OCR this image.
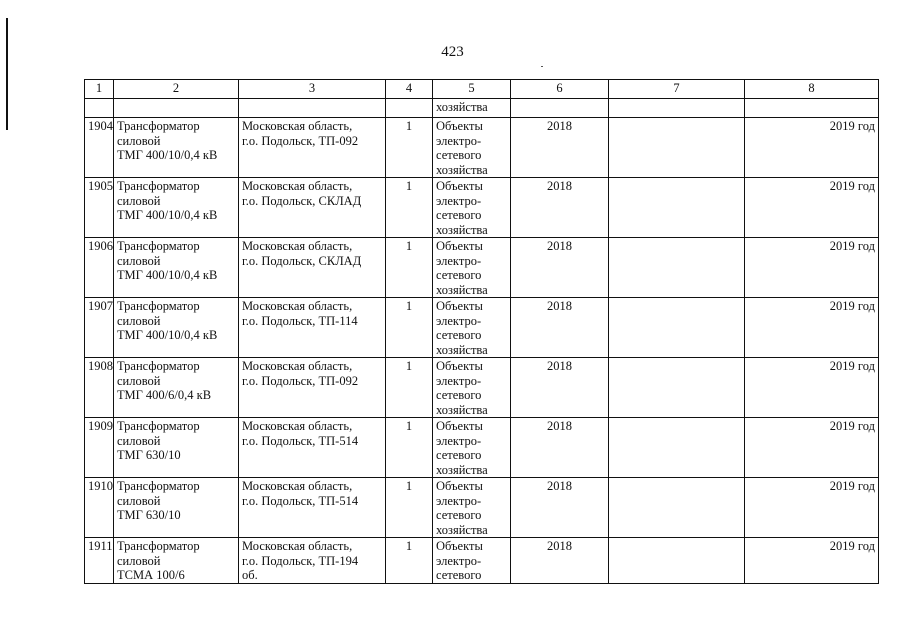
423
1	2	3	4	5	6	7	8
				хозяйства			
1904	Трансформатор
силовой
ТМГ 400/10/0,4 кВ	Московская область,
г.о. Подольск, ТП-092	1	Объекты
электро-
сетевого
хозяйства	2018		2019 год
1905	Трансформатор
силовой
ТМГ 400/10/0,4 кВ	Московская область,
г.о. Подольск, СКЛАД	1	Объекты
электро-
сетевого
хозяйства	2018		2019 год
1906	Трансформатор
силовой
ТМГ 400/10/0,4 кВ	Московская область,
г.о. Подольск, СКЛАД	1	Объекты
электро-
сетевого
хозяйства	2018		2019 год
1907	Трансформатор
силовой
ТМГ 400/10/0,4 кВ	Московская область,
г.о. Подольск, ТП-114	1	Объекты
электро-
сетевого
хозяйства	2018		2019 год
1908	Трансформатор
силовой
ТМГ 400/6/0,4 кВ	Московская область,
г.о. Подольск, ТП-092	1	Объекты
электро-
сетевого
хозяйства	2018		2019 год
1909	Трансформатор
силовой
ТМГ 630/10	Московская область,
г.о. Подольск, ТП-514	1	Объекты
электро-
сетевого
хозяйства	2018		2019 год
1910	Трансформатор
силовой
ТМГ 630/10	Московская область,
г.о. Подольск, ТП-514	1	Объекты
электро-
сетевого
хозяйства	2018		2019 год
1911	Трансформатор
силовой
ТСМА 100/6	Московская область,
г.о. Подольск, ТП-194
об.	1	Объекты
электро-
сетевого	2018		2019 год
